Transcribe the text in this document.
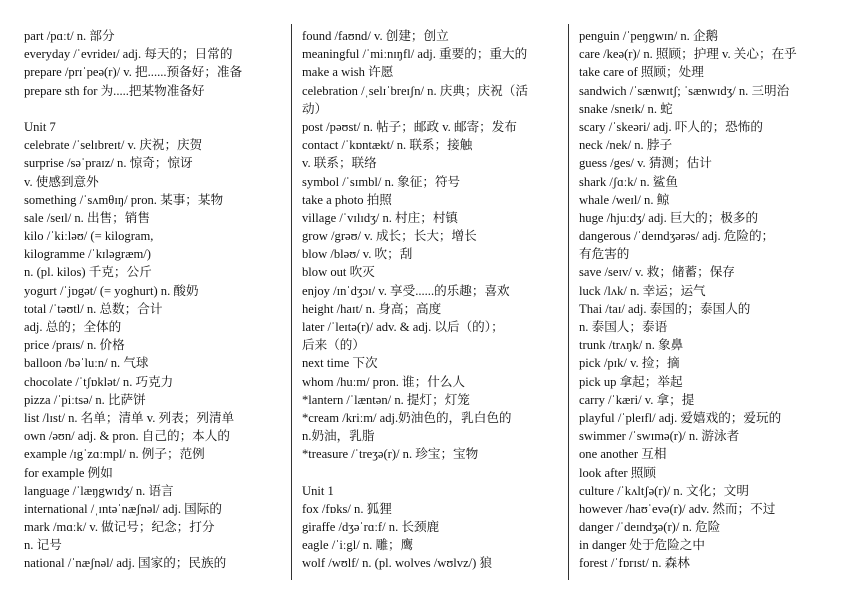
part /pɑːt/ n. 部分
everyday /ˈevrideɪ/ adj. 每天的；日常的
prepare /prɪˈpeə(r)/ v. 把......预备好；准备
prepare sth for 为.....把某物准备好
Unit 7
celebrate /ˈselɪbreɪt/ v. 庆祝；庆贺
surprise /səˈpraɪz/ n. 惊奇；惊讶
v. 使感到意外
something /ˈsʌmθɪŋ/ pron. 某事；某物
sale /seɪl/ n. 出售；销售
kilo /ˈkiːləʊ/ (= kilogram,
kilogramme /ˈkɪləgræm/)
n. (pl. kilos) 千克；公斤
yogurt /ˈjɒgət/ (= yoghurt) n. 酸奶
total /ˈtəʊtl/ n. 总数；合计
adj. 总的；全体的
price /praɪs/ n. 价格
balloon /bəˈluːn/ n. 气球
chocolate /ˈtʃɒklət/ n. 巧克力
pizza /ˈpiːtsə/ n. 比萨饼
list /lɪst/ n. 名单；清单 v. 列表；列清单
own /əʊn/ adj. & pron. 自己的；本人的
example /ɪgˈzɑːmpl/ n. 例子；范例
for example 例如
language /ˈlæŋgwɪdʒ/ n. 语言
international /ˌɪntəˈnæʃnəl/ adj. 国际的
mark /mɑːk/ v. 做记号；纪念；打分
n. 记号
national /ˈnæʃnəl/ adj. 国家的；民族的
found /faʊnd/ v. 创建；创立
meaningful /ˈmiːnɪŋfl/ adj. 重要的；重大的
make a wish 许愿
celebration /ˌselɪˈbreɪʃn/ n. 庆典；庆祝（活
动）
post /pəʊst/ n. 帖子；邮政 v. 邮寄；发布
contact /ˈkɒntækt/ n. 联系；接触
v. 联系；联络
symbol /ˈsɪmbl/ n. 象征；符号
take a photo 拍照
village /ˈvɪlɪdʒ/ n. 村庄；村镇
grow /grəʊ/ v. 成长；长大；增长
blow /bləʊ/ v. 吹；刮
blow out 吹灭
enjoy /ɪnˈdʒɔɪ/ v. 享受......的乐趣；喜欢
height /haɪt/ n. 身高；高度
later /ˈleɪtə(r)/ adv. & adj. 以后（的）；
后来（的）
next time 下次
whom /huːm/ pron. 谁；什么人
*lantern /ˈlæntən/ n. 提灯；灯笼
*cream /kriːm/ adj.奶油色的，乳白色的
n.奶油，乳脂
*treasure /ˈtreʒə(r)/ n. 珍宝；宝物
Unit 1
fox /fɒks/ n. 狐狸
giraffe /dʒəˈrɑːf/ n. 长颈鹿
eagle /ˈiːgl/ n. 雕；鹰
wolf /wʊlf/ n. (pl. wolves /wʊlvz/) 狼
penguin /ˈpeŋgwɪn/ n. 企鹅
care /keə(r)/ n. 照顾；护理 v. 关心；在乎
take care of 照顾；处理
sandwich /ˈsænwɪtʃ; ˈsænwɪdʒ/ n. 三明治
snake /sneɪk/ n. 蛇
scary /ˈskeəri/ adj. 吓人的；恐怖的
neck /nek/ n. 脖子
guess /ges/ v. 猜测；估计
shark /ʃɑːk/ n. 鲨鱼
whale /weɪl/ n. 鲸
huge /hjuːdʒ/ adj. 巨大的；极多的
dangerous /ˈdeɪndʒərəs/ adj. 危险的；
有危害的
save /seɪv/ v. 救；储蓄；保存
luck /lʌk/ n. 幸运；运气
Thai /taɪ/ adj. 泰国的；泰国人的
n. 泰国人；泰语
trunk /trʌŋk/ n. 象鼻
pick /pɪk/ v. 捡；摘
pick up 拿起；举起
carry /ˈkæri/ v. 拿；提
playful /ˈpleɪfl/ adj. 爱嬉戏的；爱玩的
swimmer /ˈswɪmə(r)/ n. 游泳者
one another 互相
look after 照顾
culture /ˈkʌltʃə(r)/ n. 文化；文明
however /haʊˈevə(r)/ adv. 然而；不过
danger /ˈdeɪndʒə(r)/ n. 危险
in danger 处于危险之中
forest /ˈfɒrɪst/ n. 森林
